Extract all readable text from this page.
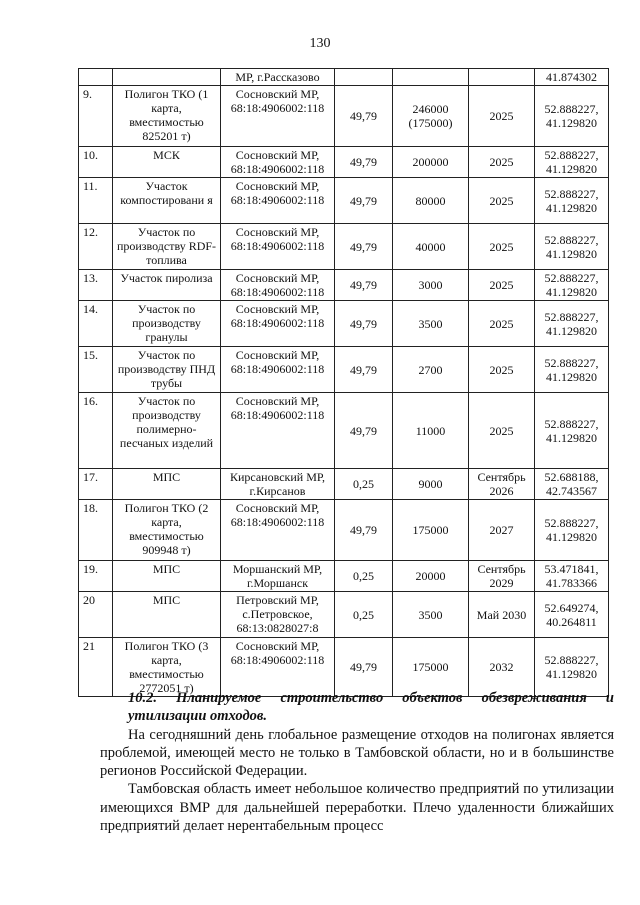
130
		МР, г.Рассказово				41.874302
9.	Полигон ТКО (1 карта, вместимостью 825201 т)	Сосновский МР, 68:18:4906002:118	49,79	246000 (175000)	2025	52.888227, 41.129820
10.	МСК	Сосновский МР, 68:18:4906002:118	49,79	200000	2025	52.888227, 41.129820
11.	Участок компостировани я	Сосновский МР, 68:18:4906002:118	49,79	80000	2025	52.888227, 41.129820
12.	Участок по производству RDF-топлива	Сосновский МР, 68:18:4906002:118	49,79	40000	2025	52.888227, 41.129820
13.	Участок пиролиза	Сосновский МР, 68:18:4906002:118	49,79	3000	2025	52.888227, 41.129820
14.	Участок по производству гранулы	Сосновский МР, 68:18:4906002:118	49,79	3500	2025	52.888227, 41.129820
15.	Участок по производству ПНД трубы	Сосновский МР, 68:18:4906002:118	49,79	2700	2025	52.888227, 41.129820
16.	Участок по производству полимерно-песчаных изделий	Сосновский МР, 68:18:4906002:118	49,79	11000	2025	52.888227, 41.129820
17.	МПС	Кирсановский МР, г.Кирсанов	0,25	9000	Сентябрь 2026	52.688188, 42.743567
18.	Полигон ТКО (2 карта, вместимостью 909948 т)	Сосновский МР, 68:18:4906002:118	49,79	175000	2027	52.888227, 41.129820
19.	МПС	Моршанский МР, г.Моршанск	0,25	20000	Сентябрь 2029	53.471841, 41.783366
20	МПС	Петровский МР, с.Петровское, 68:13:0828027:8	0,25	3500	Май 2030	52.649274, 40.264811
21	Полигон ТКО (3 карта, вместимостью 2772051 т)	Сосновский МР, 68:18:4906002:118	49,79	175000	2032	52.888227, 41.129820

10.2. Планируемое строительство объектов обезвреживания и утилизации отходов.

На сегодняшний день глобальное размещение отходов на полигонах является проблемой, имеющей место не только в Тамбовской области, но и в большинстве регионов Российской Федерации.

Тамбовская область имеет небольшое количество предприятий по утилизации имеющихся ВМР для дальнейшей переработки. Плечо удаленности ближайших предприятий делает нерентабельным процесс
